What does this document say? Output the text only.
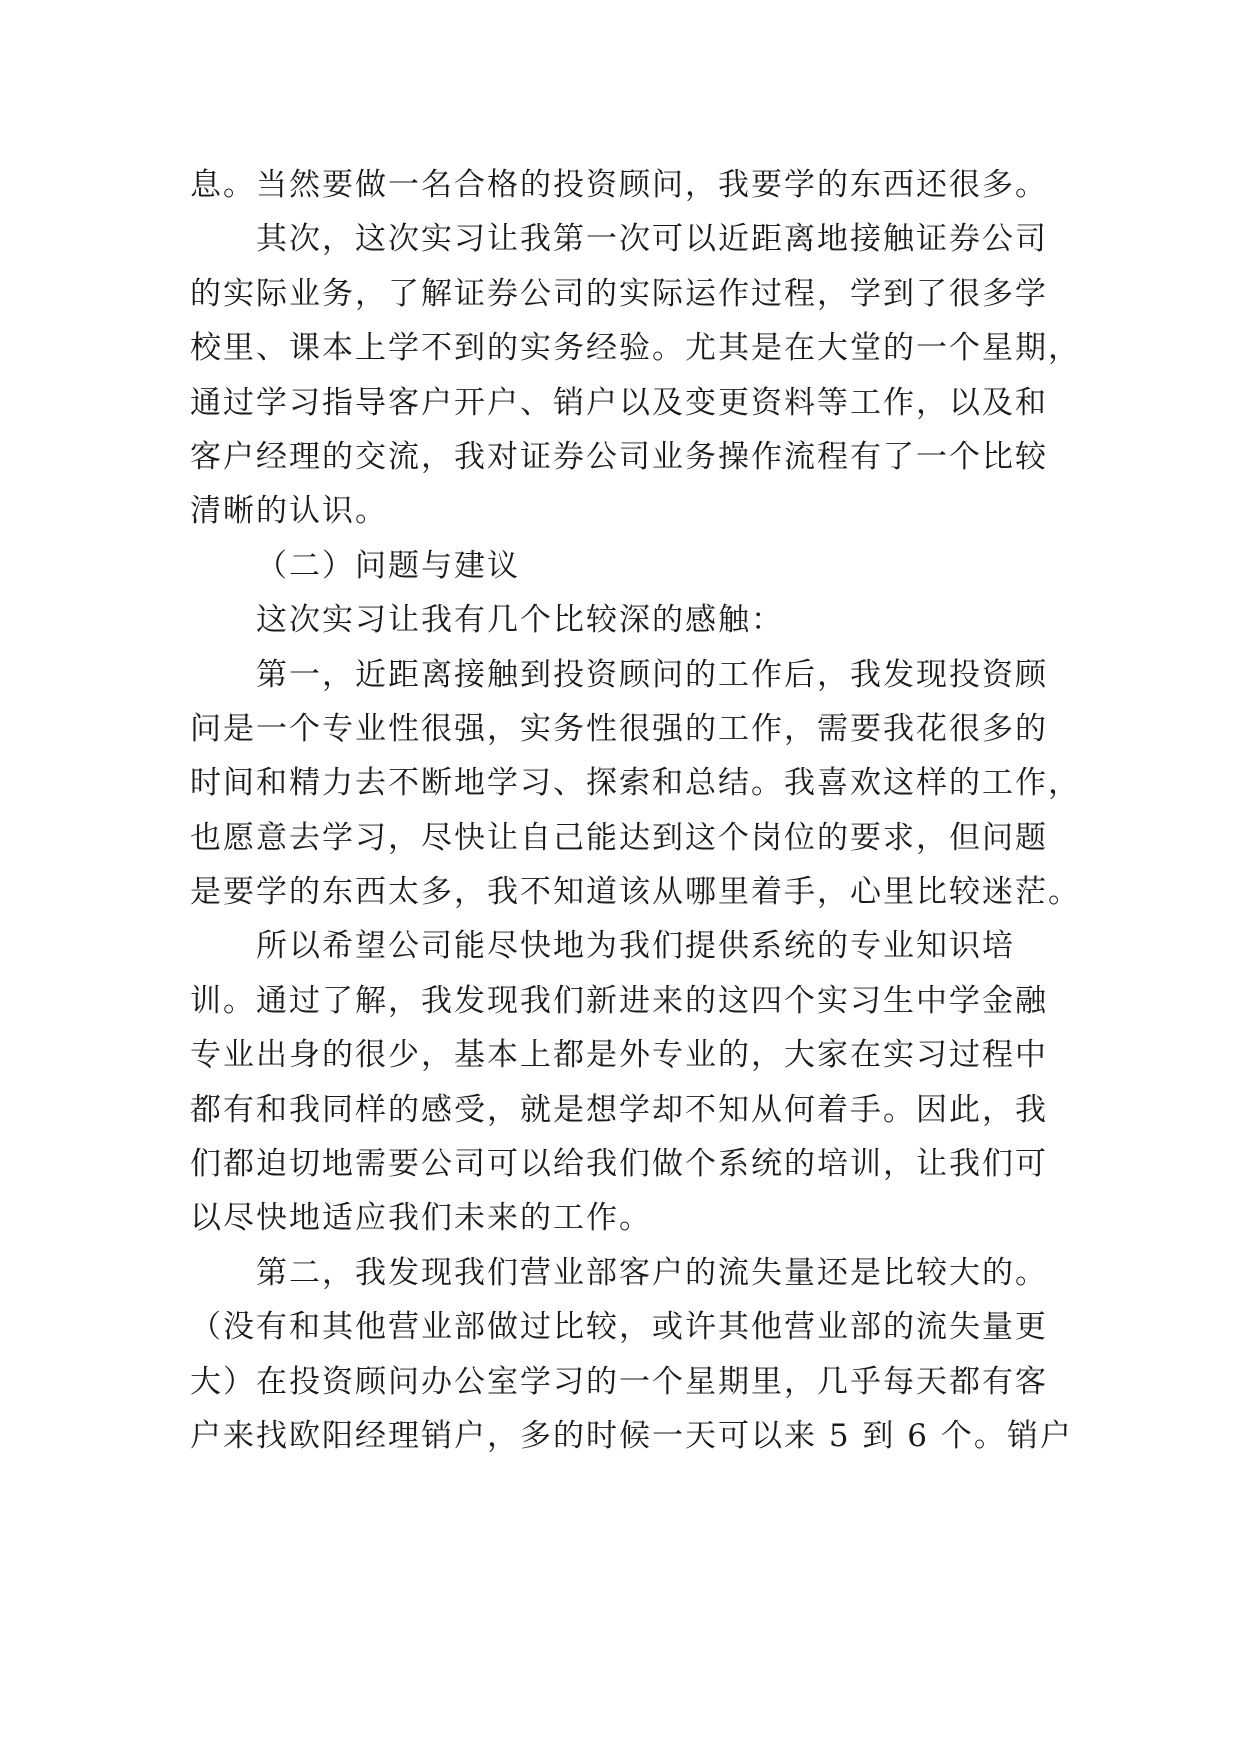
息。当然要做一名合格的投资顾问，我要学的东西还很多。
其次，这次实习让我第一次可以近距离地接触证券公司
的实际业务，了解证券公司的实际运作过程，学到了很多学
校里、课本上学不到的实务经验。尤其是在大堂的一个星期，
通过学习指导客户开户、销户以及变更资料等工作，以及和
客户经理的交流，我对证券公司业务操作流程有了一个比较
清晰的认识。
（二）问题与建议
这次实习让我有几个比较深的感触：
第一，近距离接触到投资顾问的工作后，我发现投资顾
问是一个专业性很强，实务性很强的工作，需要我花很多的
时间和精力去不断地学习、探索和总结。我喜欢这样的工作，
也愿意去学习，尽快让自己能达到这个岗位的要求，但问题
是要学的东西太多，我不知道该从哪里着手，心里比较迷茫。
所以希望公司能尽快地为我们提供系统的专业知识培
训。通过了解，我发现我们新进来的这四个实习生中学金融
专业出身的很少，基本上都是外专业的，大家在实习过程中
都有和我同样的感受，就是想学却不知从何着手。因此，我
们都迫切地需要公司可以给我们做个系统的培训，让我们可
以尽快地适应我们未来的工作。
第二，我发现我们营业部客户的流失量还是比较大的。
（没有和其他营业部做过比较，或许其他营业部的流失量更
大）在投资顾问办公室学习的一个星期里，几乎每天都有客
户来找欧阳经理销户，多的时候一天可以来 5 到 6 个。销户
